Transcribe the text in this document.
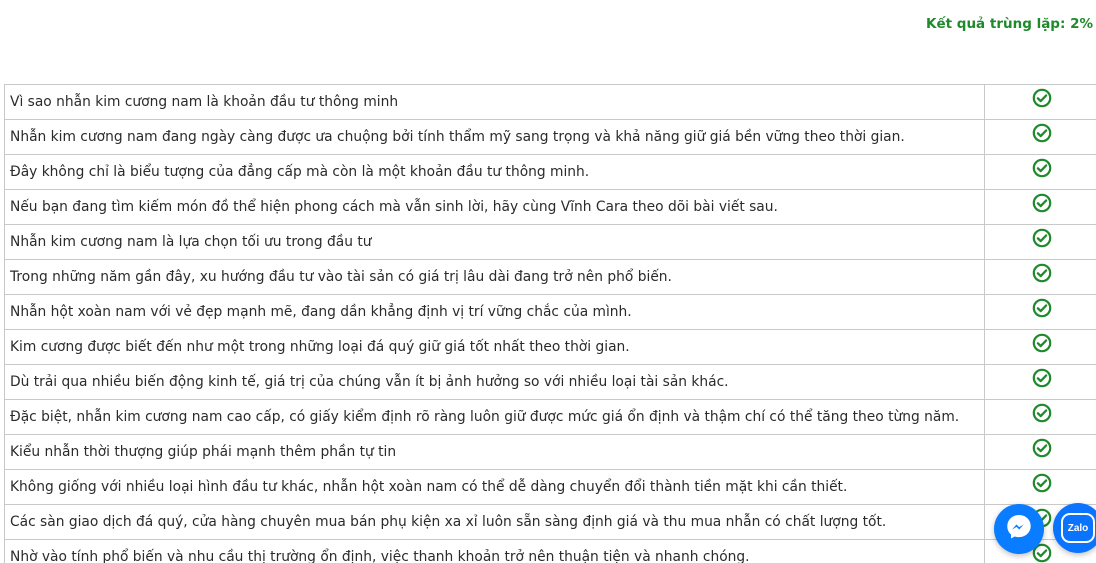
Kết quả trùng lặp: 2%
Vì sao nhẫn kim cương nam là khoản đầu tư thông minh	

Nhẫn kim cương nam đang ngày càng được ưa chuộng bởi tính thẩm mỹ sang trọng và khả năng giữ giá bền vững theo thời gian.	

Đây không chỉ là biểu tượng của đẳng cấp mà còn là một khoản đầu tư thông minh.	

Nếu bạn đang tìm kiếm món đồ thể hiện phong cách mà vẫn sinh lời, hãy cùng Vĩnh Cara theo dõi bài viết sau.	

Nhẫn kim cương nam là lựa chọn tối ưu trong đầu tư	

Trong những năm gần đây, xu hướng đầu tư vào tài sản có giá trị lâu dài đang trở nên phổ biến.	

Nhẫn hột xoàn nam với vẻ đẹp mạnh mẽ, đang dần khẳng định vị trí vững chắc của mình.	

Kim cương được biết đến như một trong những loại đá quý giữ giá tốt nhất theo thời gian.	

Dù trải qua nhiều biến động kinh tế, giá trị của chúng vẫn ít bị ảnh hưởng so với nhiều loại tài sản khác.	

Đặc biệt, nhẫn kim cương nam cao cấp, có giấy kiểm định rõ ràng luôn giữ được mức giá ổn định và thậm chí có thể tăng theo từng năm.	

Kiểu nhẫn thời thượng giúp phái mạnh thêm phần tự tin	

Không giống với nhiều loại hình đầu tư khác, nhẫn hột xoàn nam có thể dễ dàng chuyển đổi thành tiền mặt khi cần thiết.	

Các sàn giao dịch đá quý, cửa hàng chuyên mua bán phụ kiện xa xỉ luôn sẵn sàng định giá và thu mua nhẫn có chất lượng tốt.	

Nhờ vào tính phổ biến và nhu cầu thị trường ổn định, việc thanh khoản trở nên thuận tiện và nhanh chóng.	
Zalo
